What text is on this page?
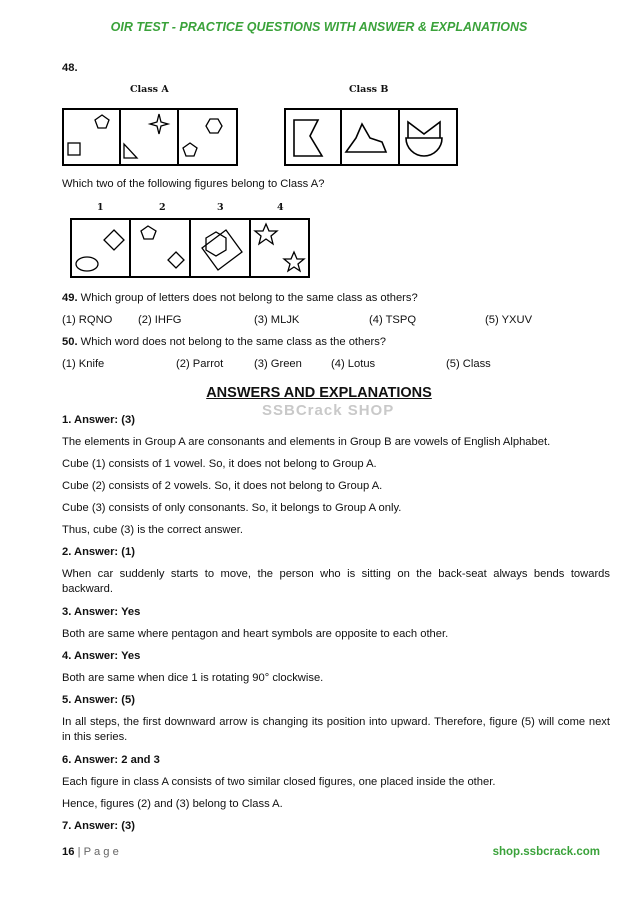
OIR TEST - PRACTICE QUESTIONS WITH ANSWER & EXPLANATIONS
48.
Class A	Class B
Which two of the following figures belong to Class A?
1	2	3	4
49. Which group of letters does not belong to the same class as others?
(1) RQNO (2) IHFG	(3) MLJK	(4) TSPQ	(5) YXUV
50. Which word does not belong to the same class as the others?
(1) Knife	(2) Parrot	(3) Green	(4) Lotus	(5) Class
ANSWERS AND EXPLANATIONS
SSBCrack SHOP
1. Answer: (3)
The elements in Group A are consonants and elements in Group B are vowels of English Alphabet.
Cube (1) consists of 1 vowel. So, it does not belong to Group A.
Cube (2) consists of 2 vowels. So, it does not belong to Group A.
Cube (3) consists of only consonants. So, it belongs to Group A only.
Thus, cube (3) is the correct answer.
2. Answer: (1)
When car suddenly starts to move, the person who is sitting on the back-seat always bends towards backward.
3. Answer: Yes
Both are same where pentagon and heart symbols are opposite to each other.
4. Answer: Yes
Both are same when dice 1 is rotating 90° clockwise.
5. Answer: (5)
In all steps, the first downward arrow is changing its position into upward. Therefore, figure (5) will come next in this series.
6. Answer: 2 and 3
Each figure in class A consists of two similar closed figures, one placed inside the other.
Hence, figures (2) and (3) belong to Class A.
7. Answer: (3)
16 | P a g e	shop.ssbcrack.com
